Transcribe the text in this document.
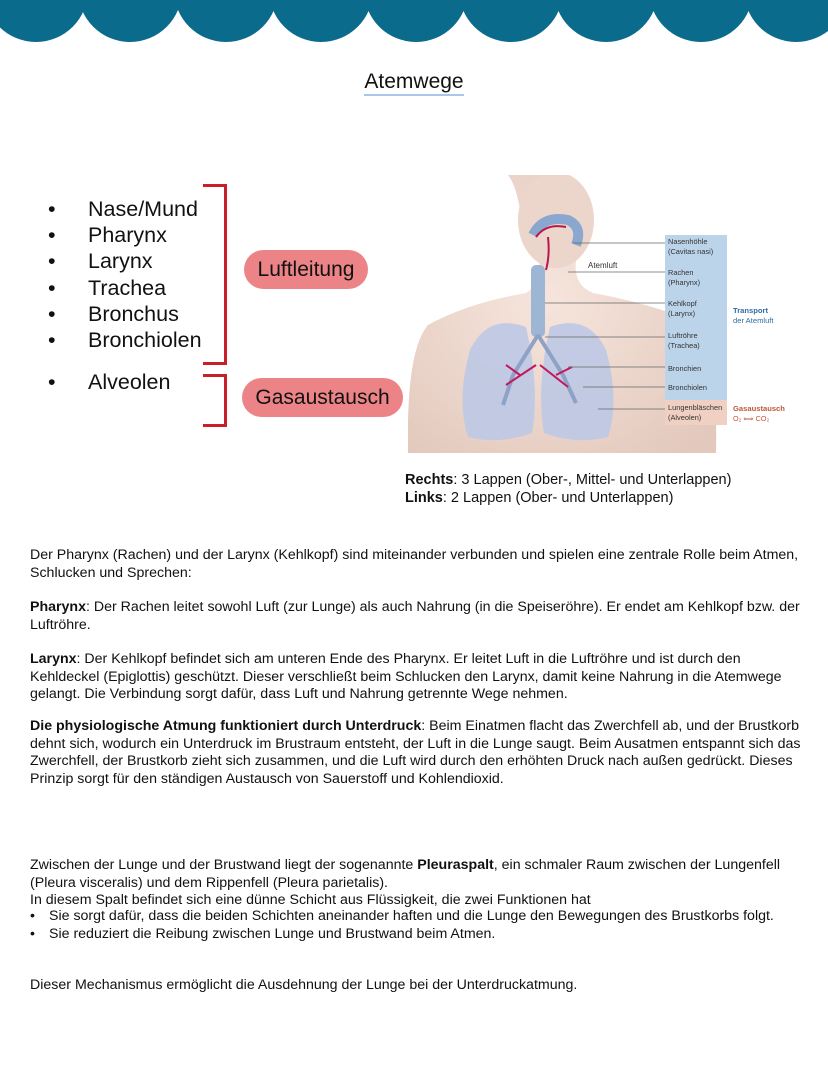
Atemwege
•	Nase/Mund
•	Pharynx
•	Larynx
•	Trachea
•	Bronchus
•	Bronchiolen
•	Alveolen
Luftleitung
Gasaustausch
Atemluft
Nasenhöhle
(Cavitas nasi)
Rachen
(Pharynx)
Kehlkopf
(Larynx)
Luftröhre
(Trachea)
Bronchien
Bronchiolen
Lungenbläschen
(Alveolen)
Transport
der Atemluft
Gasaustausch
O₂ ⟺ CO₂
Rechts: 3 Lappen (Ober-, Mittel- und Unterlappen)
Links: 2 Lappen (Ober- und Unterlappen)
Der Pharynx (Rachen) und der Larynx (Kehlkopf) sind miteinander verbunden und spielen eine zentrale Rolle beim Atmen, Schlucken und Sprechen:
Pharynx: Der Rachen leitet sowohl Luft (zur Lunge) als auch Nahrung (in die Speiseröhre). Er endet am Kehlkopf bzw. der Luftröhre.
Larynx: Der Kehlkopf befindet sich am unteren Ende des Pharynx. Er leitet Luft in die Luftröhre und ist durch den Kehldeckel (Epiglottis) geschützt. Dieser verschließt beim Schlucken den Larynx, damit keine Nahrung in die Atemwege gelangt. Die Verbindung sorgt dafür, dass Luft und Nahrung getrennte Wege nehmen.
Die physiologische Atmung funktioniert durch Unterdruck: Beim Einatmen flacht das Zwerchfell ab, und der Brustkorb dehnt sich, wodurch ein Unterdruck im Brustraum entsteht, der Luft in die Lunge saugt. Beim Ausatmen entspannt sich das Zwerchfell, der Brustkorb zieht sich zusammen, und die Luft wird durch den erhöhten Druck nach außen gedrückt. Dieses Prinzip sorgt für den ständigen Austausch von Sauerstoff und Kohlendioxid.
Zwischen der Lunge und der Brustwand liegt der sogenannte Pleuraspalt, ein schmaler Raum zwischen der Lungenfell (Pleura visceralis) und dem Rippenfell (Pleura parietalis).
In diesem Spalt befindet sich eine dünne Schicht aus Flüssigkeit, die zwei Funktionen hat
• Sie sorgt dafür, dass die beiden Schichten aneinander haften und die Lunge den Bewegungen des Brustkorbs folgt.
• Sie reduziert die Reibung zwischen Lunge und Brustwand beim Atmen.
Dieser Mechanismus ermöglicht die Ausdehnung der Lunge bei der Unterdruckatmung.
